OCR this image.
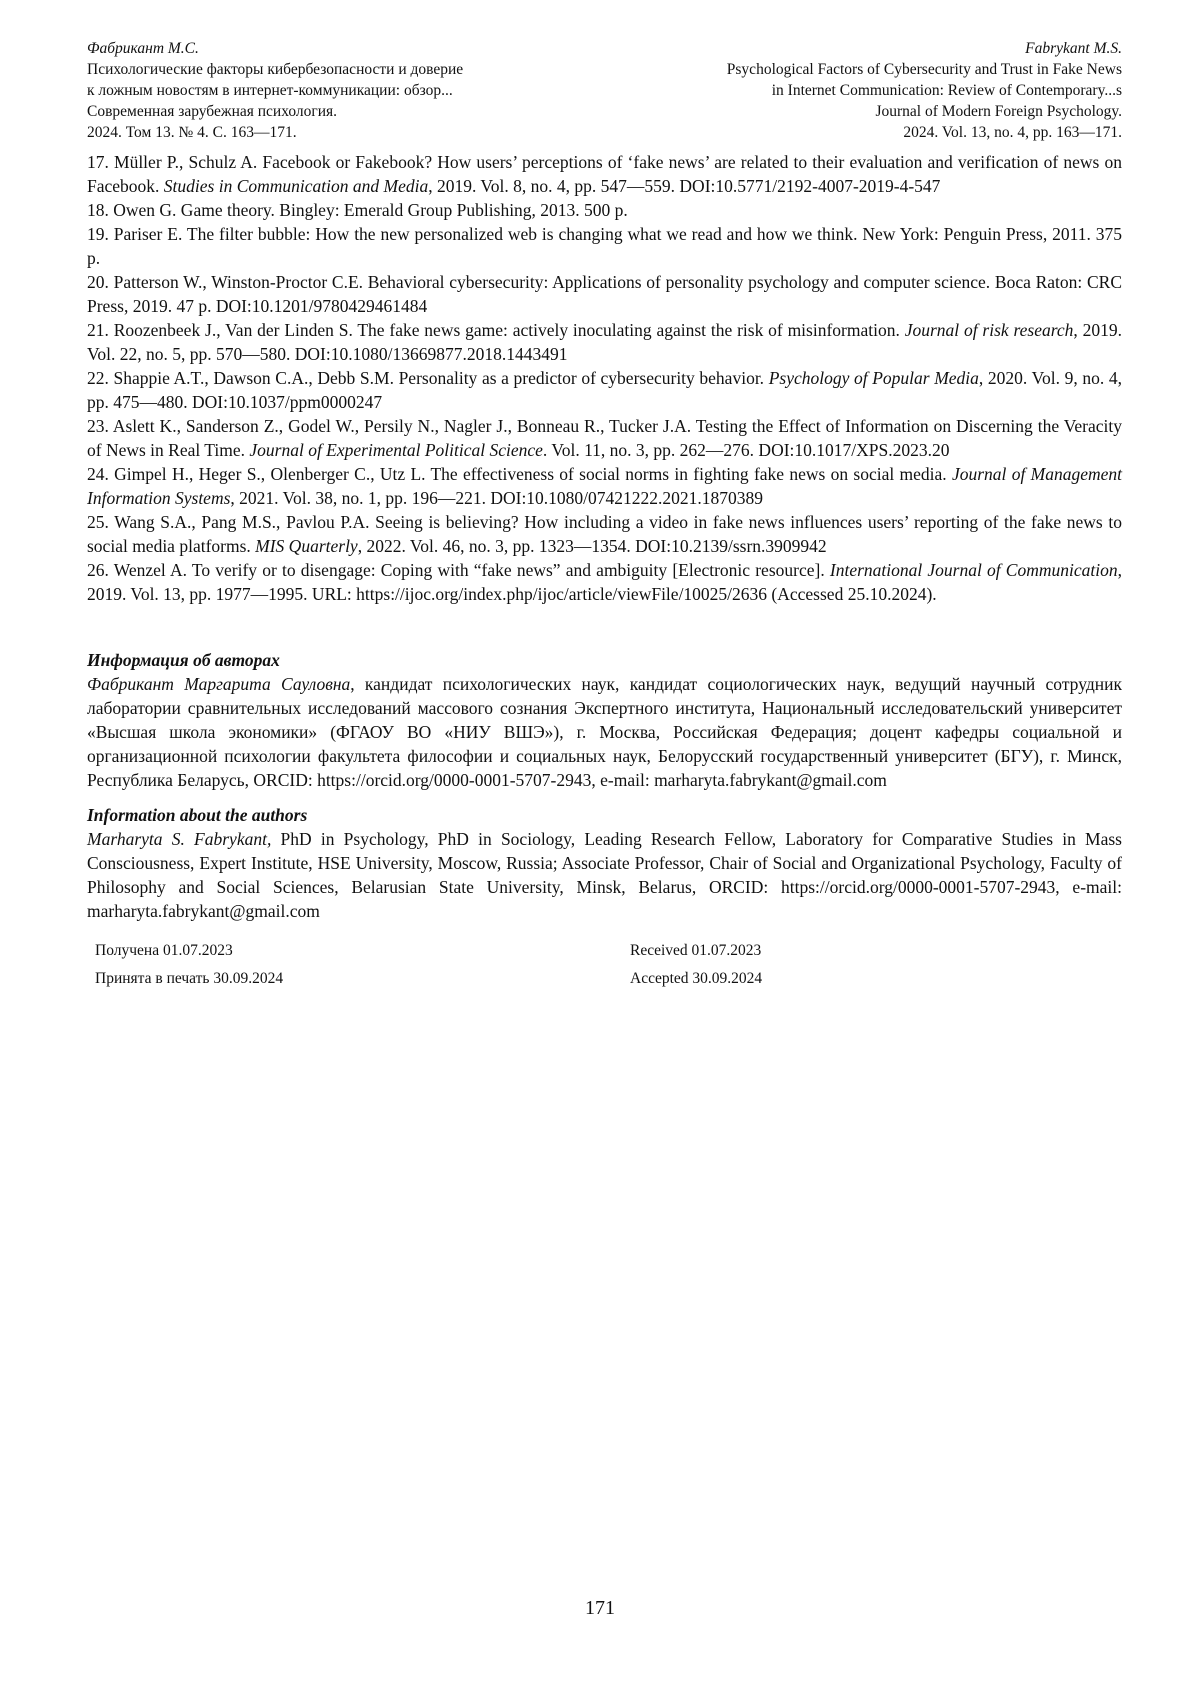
Фабрикант М.С.
Психологические факторы кибербезопасности и доверие
к ложным новостям в интернет-коммуникации: обзор...
Современная зарубежная психология.
2024. Том 13. № 4. С. 163—171.
Fabrykant M.S.
Psychological Factors of Cybersecurity and Trust in Fake News
in Internet Communication: Review of Contemporary...s
Journal of Modern Foreign Psychology.
2024. Vol. 13, no. 4, pp. 163—171.

17. Müller P., Schulz A. Facebook or Fakebook? How users’ perceptions of ‘fake news’ are related to their evaluation and verification of news on Facebook. Studies in Communication and Media, 2019. Vol. 8, no. 4, pp. 547—559. DOI:10.5771/2192-4007-2019-4-547

18. Owen G. Game theory. Bingley: Emerald Group Publishing, 2013. 500 p.

19. Pariser E. The filter bubble: How the new personalized web is changing what we read and how we think. New York: Penguin Press, 2011. 375 p.

20. Patterson W., Winston-Proctor C.E. Behavioral cybersecurity: Applications of personality psychology and computer science. Boca Raton: CRC Press, 2019. 47 p. DOI:10.1201/9780429461484

21. Roozenbeek J., Van der Linden S. The fake news game: actively inoculating against the risk of misinformation. Journal of risk research, 2019. Vol. 22, no. 5, pp. 570—580. DOI:10.1080/13669877.2018.1443491

22. Shappie A.T., Dawson C.A., Debb S.M. Personality as a predictor of cybersecurity behavior. Psychology of Popular Media, 2020. Vol. 9, no. 4, pp. 475—480. DOI:10.1037/ppm0000247

23. Aslett K., Sanderson Z., Godel W., Persily N., Nagler J., Bonneau R., Tucker J.A. Testing the Effect of Information on Discerning the Veracity of News in Real Time. Journal of Experimental Political Science. Vol. 11, no. 3, pp. 262—276. DOI:10.1017/XPS.2023.20

24. Gimpel H., Heger S., Olenberger C., Utz L. The effectiveness of social norms in fighting fake news on social media. Journal of Management Information Systems, 2021. Vol. 38, no. 1, pp. 196—221. DOI:10.1080/07421222.2021.1870389

25. Wang S.A., Pang M.S., Pavlou P.A. Seeing is believing? How including a video in fake news influences users’ reporting of the fake news to social media platforms. MIS Quarterly, 2022. Vol. 46, no. 3, pp. 1323—1354. DOI:10.2139/ssrn.3909942

26. Wenzel A. To verify or to disengage: Coping with “fake news” and ambiguity [Electronic resource]. International Journal of Communication, 2019. Vol. 13, pp. 1977—1995. URL: https://ijoc.org/index.php/ijoc/article/viewFile/10025/2636 (Accessed 25.10.2024).

Информация об авторах

Фабрикант Маргарита Сауловна, кандидат психологических наук, кандидат социологических наук, ведущий научный сотрудник лаборатории сравнительных исследований массового сознания Экспертного института, Национальный исследовательский университет «Высшая школа экономики» (ФГАОУ ВО «НИУ ВШЭ»), г. Москва, Российская Федерация; доцент кафедры социальной и организационной психологии факультета философии и социальных наук, Белорусский государственный университет (БГУ), г. Минск, Республика Беларусь, ORCID: https://orcid.org/0000-0001-5707-2943, e-mail: marharyta.fabrykant@gmail.com

Information about the authors

Marharyta S. Fabrykant, PhD in Psychology, PhD in Sociology, Leading Research Fellow, Laboratory for Comparative Studies in Mass Consciousness, Expert Institute, HSE University, Moscow, Russia; Associate Professor, Chair of Social and Organizational Psychology, Faculty of Philosophy and Social Sciences, Belarusian State University, Minsk, Belarus, ORCID: https://orcid.org/0000-0001-5707-2943, e-mail: marharyta.fabrykant@gmail.com

Получена 01.07.2023	Received 01.07.2023
Принята в печать 30.09.2024	Accepted 30.09.2024
171
